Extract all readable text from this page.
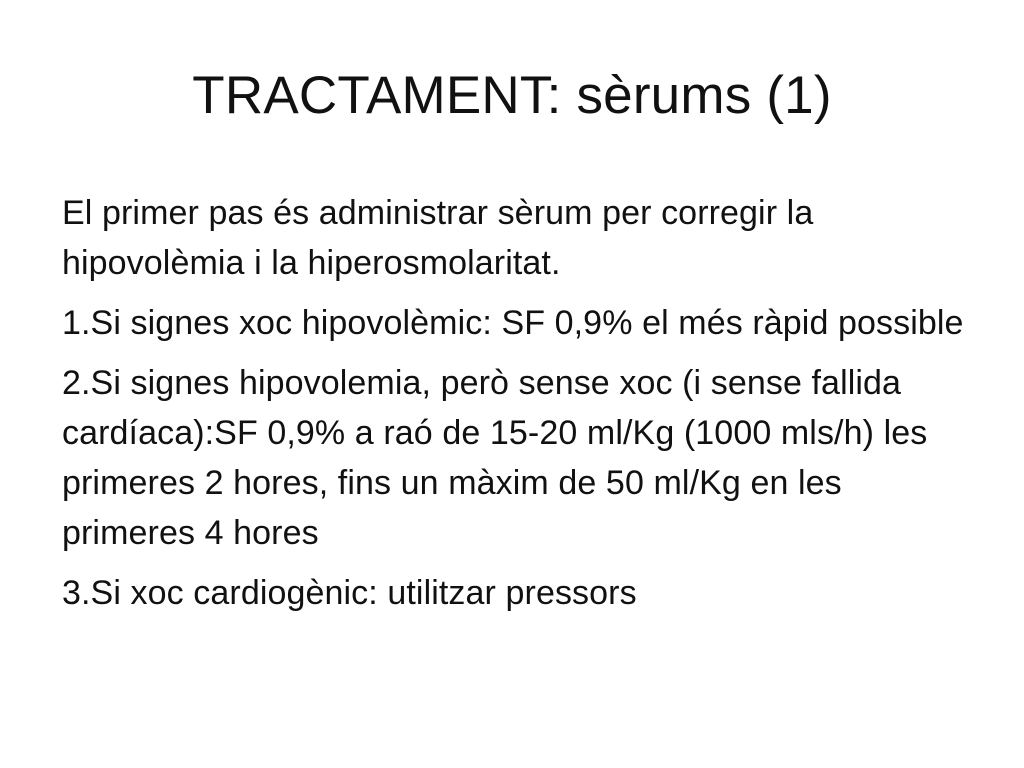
TRACTAMENT: sèrums (1)

El primer pas és administrar sèrum per corregir la hipovolèmia i la hiperosmolaritat.

1.Si signes xoc hipovolèmic: SF 0,9% el més ràpid possible

2.Si signes hipovolemia, però sense xoc (i sense fallida cardíaca):SF 0,9% a raó de 15-20 ml/Kg (1000 mls/h) les primeres 2 hores, fins un màxim de 50 ml/Kg en les primeres 4 hores

3.Si xoc cardiogènic: utilitzar pressors
